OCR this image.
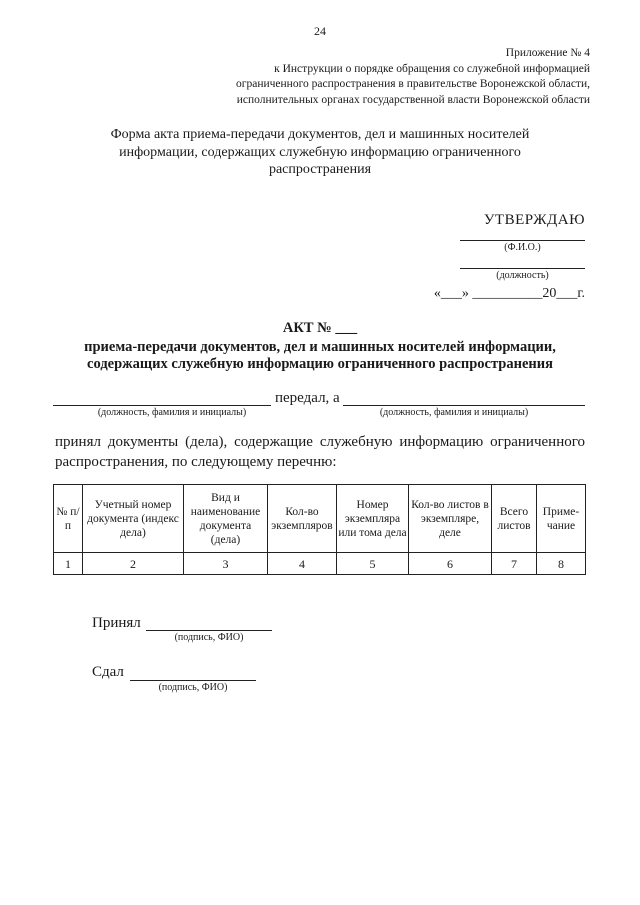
24
Приложение № 4
к Инструкции о порядке обращения со служебной информацией
ограниченного распространения в правительстве Воронежской области,
исполнительных органах государственной власти Воронежской области
Форма акта приема-передачи документов, дел и машинных носителей
информации, содержащих служебную информацию ограниченного
распространения
УТВЕРЖДАЮ
(Ф.И.О.)
(должность)
«___» __________20___г.
АКТ № ___
приема-передачи документов, дел и машинных носителей информации,
содержащих служебную информацию ограниченного распространения
передал, а
(должность, фамилия и инициалы)	(должность, фамилия и инициалы)
принял документы (дела), содержащие служебную информацию ограниченного
распространения, по следующему перечню:
№ п/п	Учетный номер документа (индекс дела)	Вид и наименование документа (дела)	Кол-во экземпляров	Номер экземпляра или тома дела	Кол-во листов в экземпляре, деле	Всего листов	Приме-чание
1	2	3	4	5	6	7	8
Принял
(подпись, ФИО)
Сдал
(подпись, ФИО)
